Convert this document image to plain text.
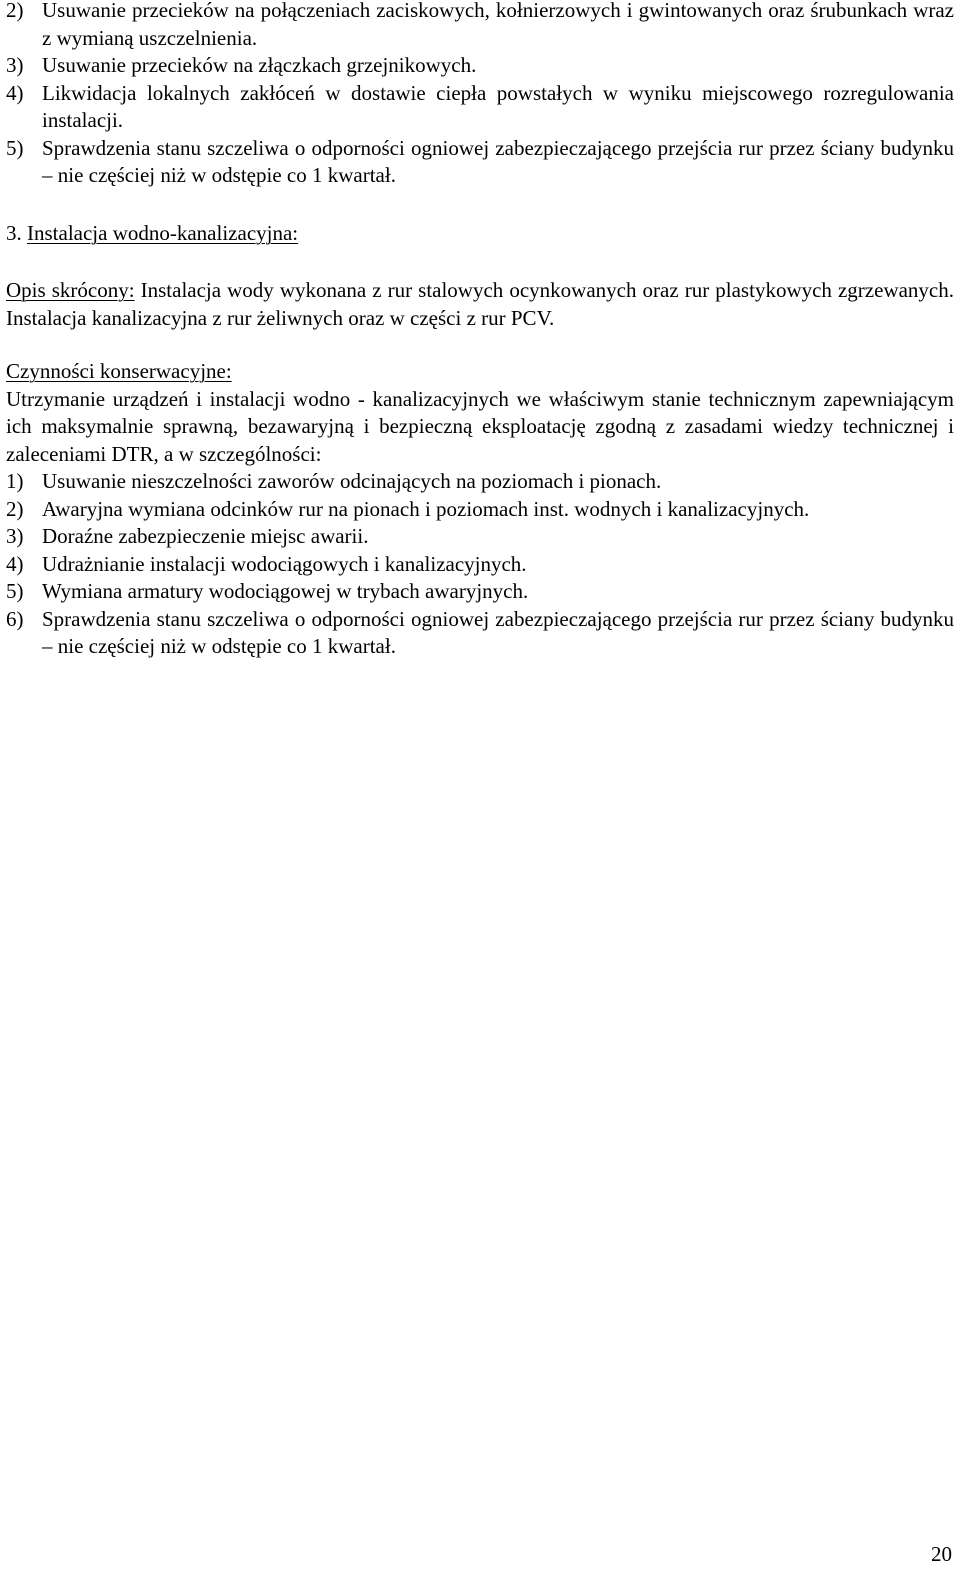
2) Usuwanie przecieków na połączeniach zaciskowych, kołnierzowych i gwintowanych oraz śrubunkach wraz z wymianą uszczelnienia.
3) Usuwanie przecieków na złączkach grzejnikowych.
4) Likwidacja lokalnych zakłóceń w dostawie ciepła powstałych w wyniku miejscowego rozregulowania instalacji.
5) Sprawdzenia stanu szczeliwa o odporności ogniowej zabezpieczającego przejścia rur przez ściany budynku – nie częściej niż w odstępie co 1 kwartał.
3. Instalacja wodno-kanalizacyjna:
Opis skrócony: Instalacja wody wykonana z rur stalowych ocynkowanych oraz rur plastykowych zgrzewanych. Instalacja kanalizacyjna z rur żeliwnych oraz w części z rur PCV.
Czynności konserwacyjne:
Utrzymanie urządzeń i instalacji wodno - kanalizacyjnych we właściwym stanie technicznym zapewniającym ich maksymalnie sprawną, bezawaryjną i bezpieczną eksploatację zgodną z zasadami wiedzy technicznej i zaleceniami DTR, a w szczególności:
1) Usuwanie nieszczelności zaworów odcinających na poziomach i pionach.
2) Awaryjna wymiana odcinków rur na pionach i poziomach inst. wodnych i kanalizacyjnych.
3) Doraźne zabezpieczenie miejsc awarii.
4) Udrażnianie instalacji wodociągowych i kanalizacyjnych.
5) Wymiana armatury wodociągowej w trybach awaryjnych.
6) Sprawdzenia stanu szczeliwa o odporności ogniowej zabezpieczającego przejścia rur przez ściany budynku – nie częściej niż w odstępie co 1 kwartał.
20
